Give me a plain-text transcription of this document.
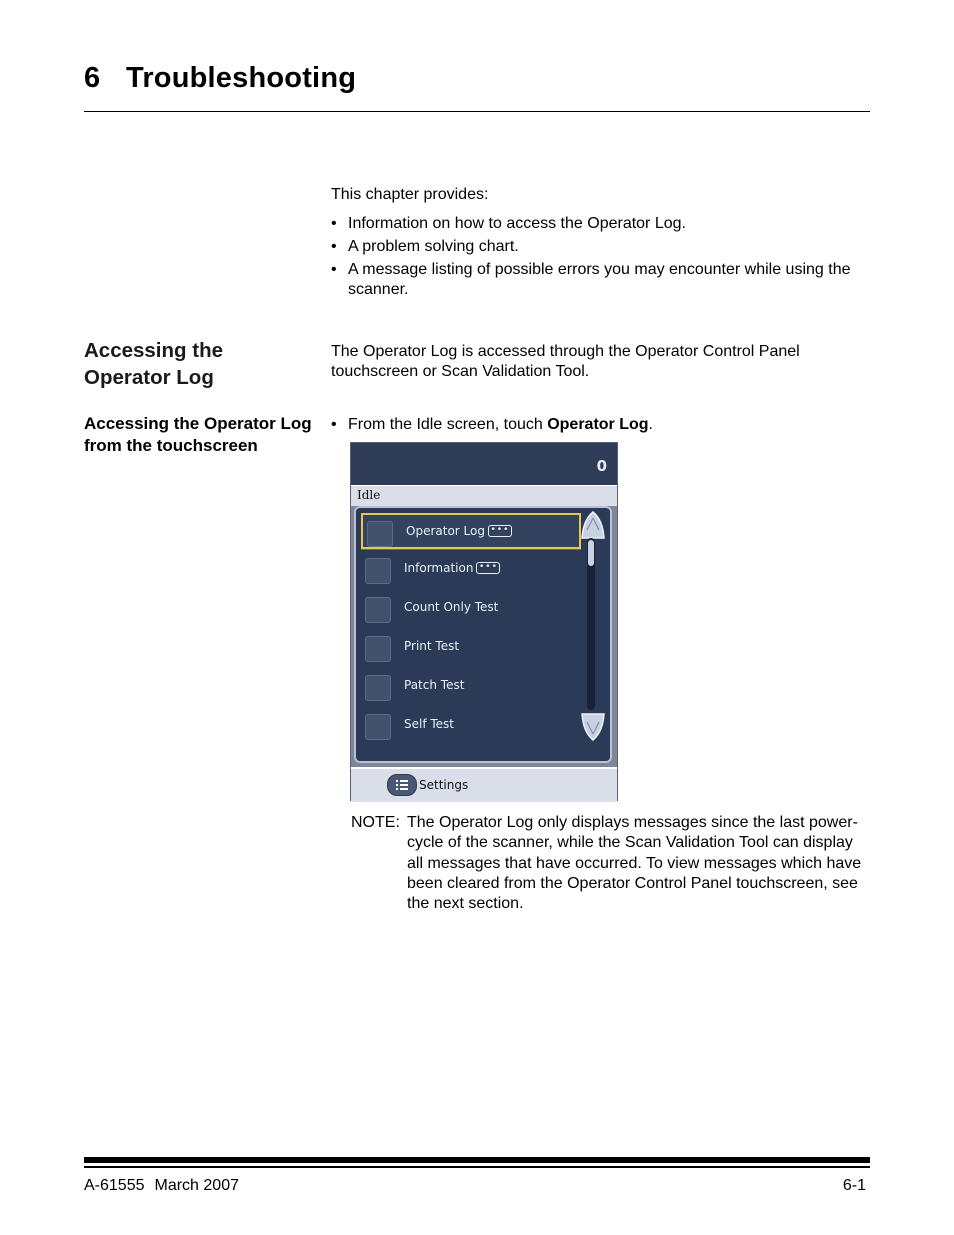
6 Troubleshooting
This chapter provides:
• Information on how to access the Operator Log.
• A problem solving chart.
• A message listing of possible errors you may encounter while using the scanner.
Accessing the Operator Log
The Operator Log is accessed through the Operator Control Panel touchscreen or Scan Validation Tool.
Accessing the Operator Log from the touchscreen
• From the Idle screen, touch Operator Log.
0
Idle
Operator Log •••
Information •••
Count Only Test
Print Test
Patch Test
Self Test
Settings
NOTE: The Operator Log only displays messages since the last power-cycle of the scanner, while the Scan Validation Tool can display all messages that have occurred. To view messages which have been cleared from the Operator Control Panel touchscreen, see the next section.
A-61555 March 2007	6-1
